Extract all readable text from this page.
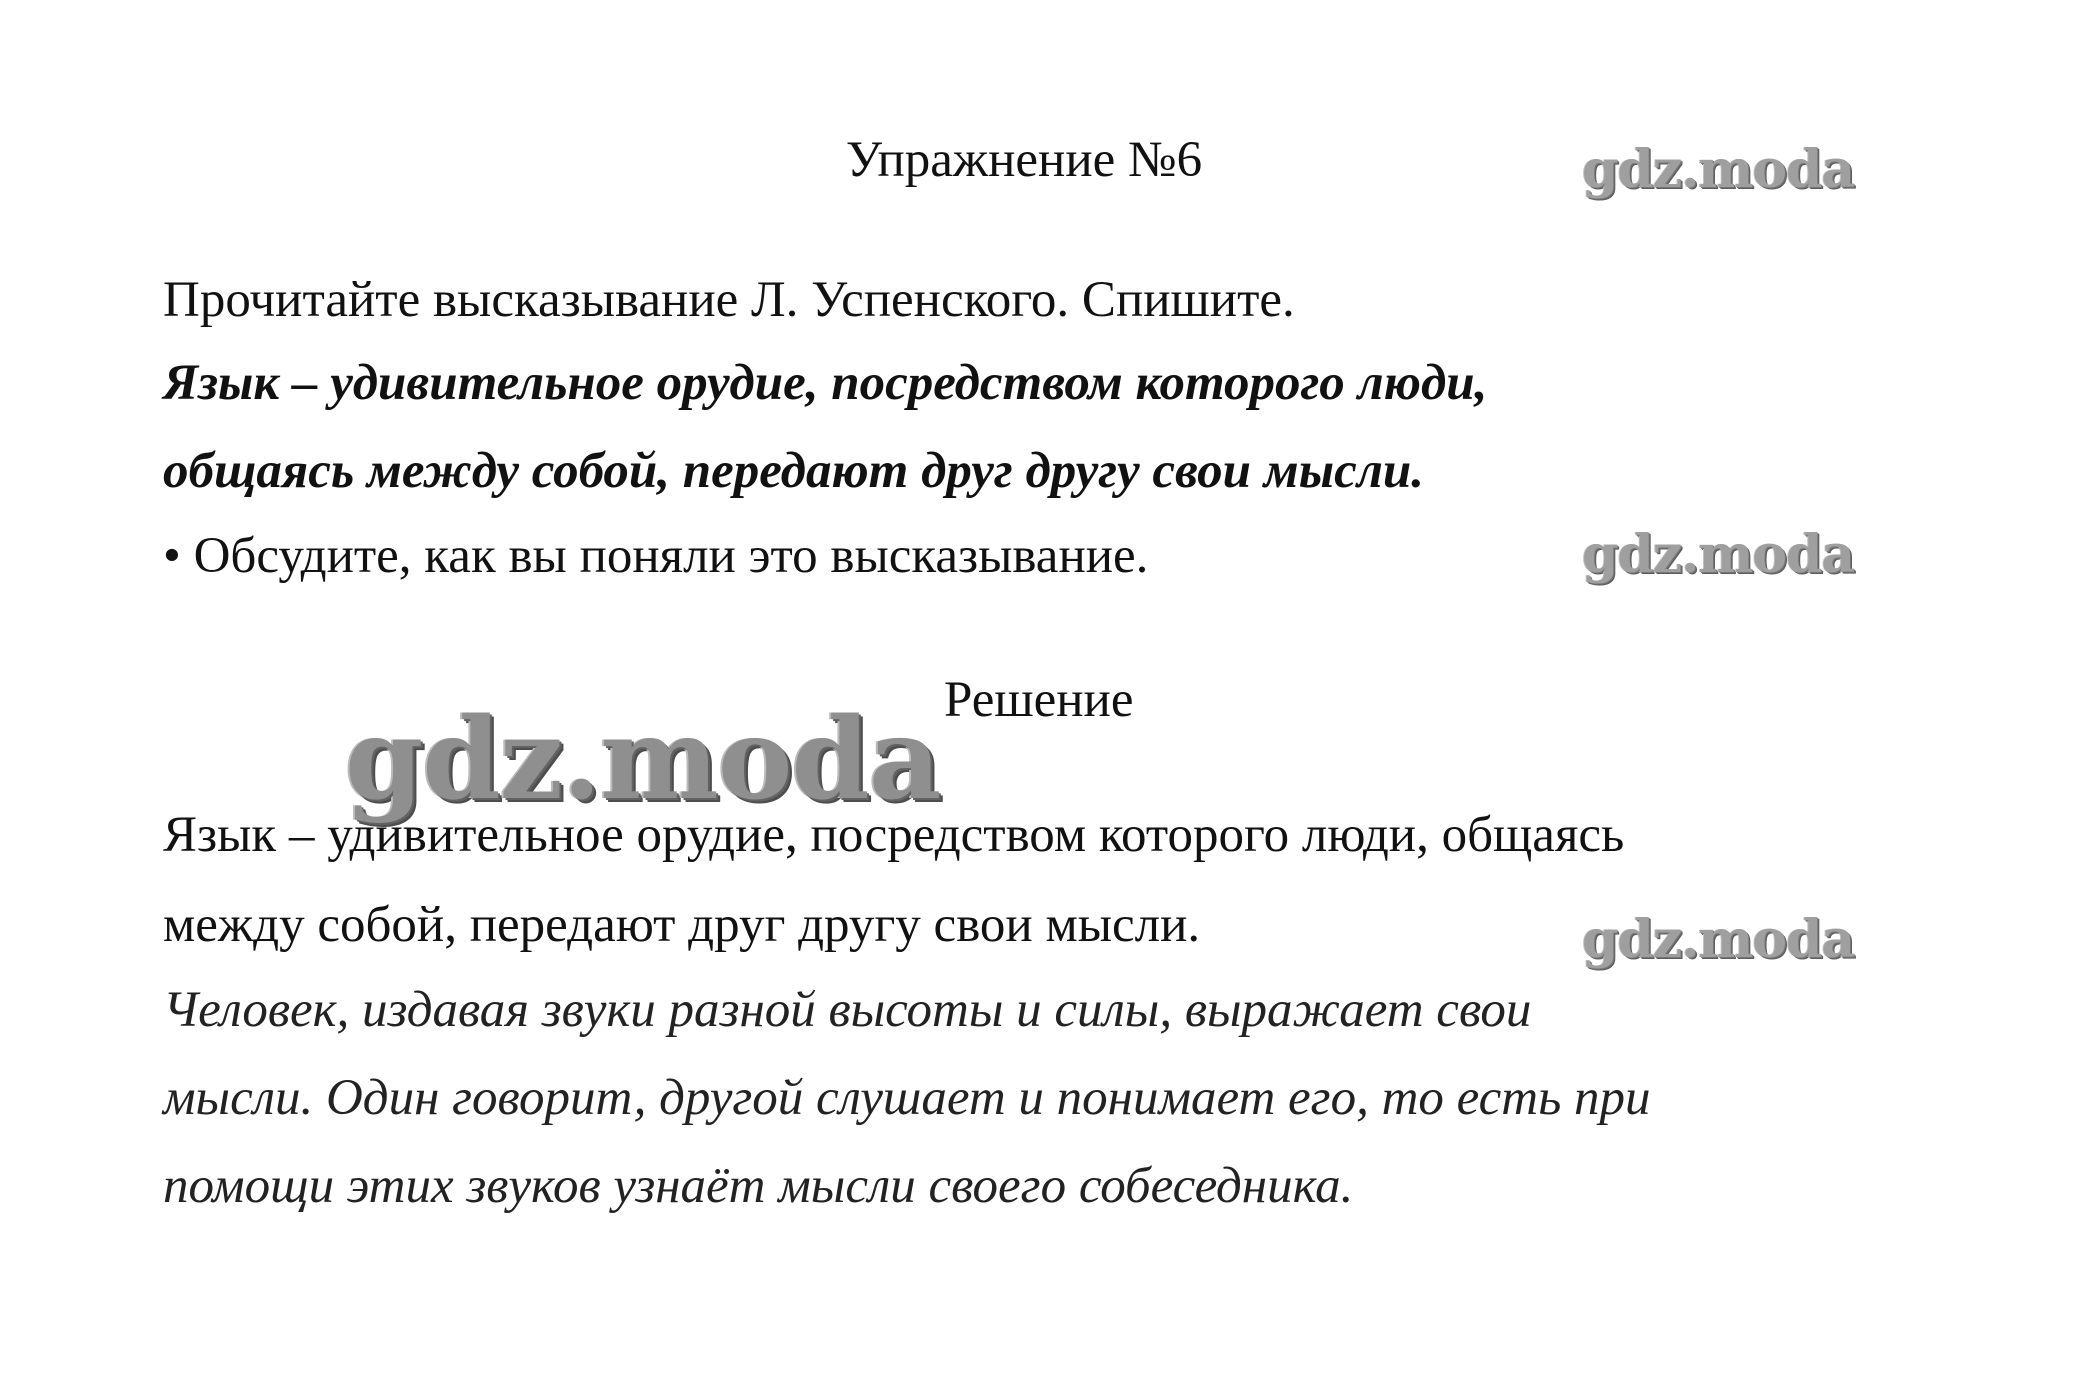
Упражнение №6
Прочитайте высказывание Л. Успенского. Спишите.
Язык – удивительное орудие, посредством которого люди,
общаясь между собой, передают друг другу свои мысли.
• Обсудите, как вы поняли это высказывание.
Решение
Язык – удивительное орудие, посредством которого люди, общаясь
между собой, передают друг другу свои мысли.
Человек, издавая звуки разной высоты и силы, выражает свои
мысли. Один говорит, другой слушает и понимает его, то есть при
помощи этих звуков узнаёт мысли своего собеседника.
gdz.moda
gdz.moda
gdz.moda
gdz.moda
